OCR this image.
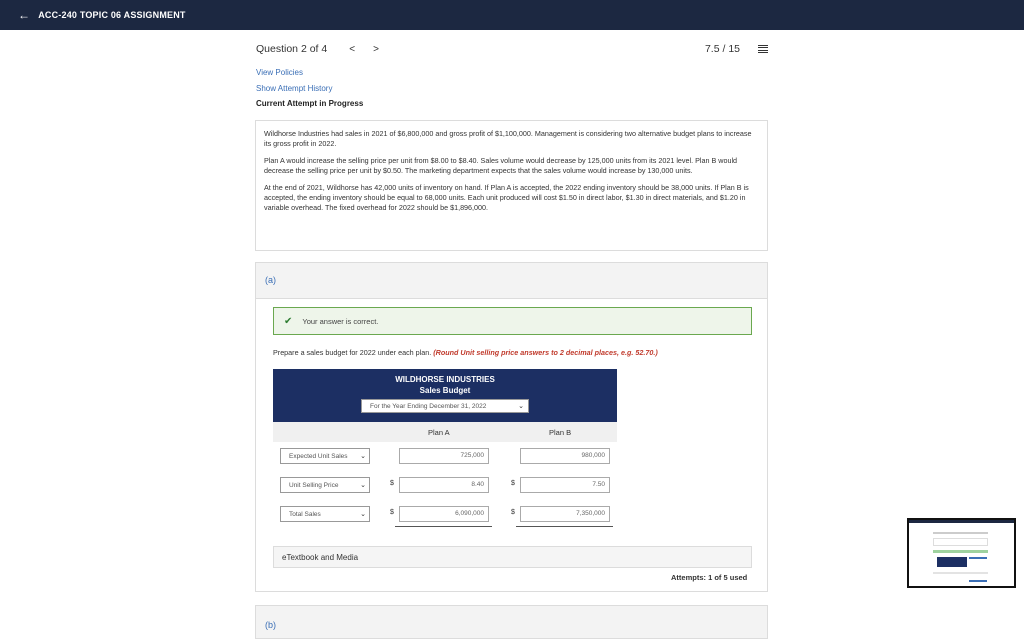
← ACC-240 TOPIC 06 ASSIGNMENT
Question 2 of 4 < >	7.5 / 15
View Policies
Show Attempt History
Current Attempt in Progress

Wildhorse Industries had sales in 2021 of $6,800,000 and gross profit of $1,100,000. Management is considering two alternative budget plans to increase its gross profit in 2022.

Plan A would increase the selling price per unit from $8.00 to $8.40. Sales volume would decrease by 125,000 units from its 2021 level. Plan B would decrease the selling price per unit by $0.50. The marketing department expects that the sales volume would increase by 130,000 units.

At the end of 2021, Wildhorse has 42,000 units of inventory on hand. If Plan A is accepted, the 2022 ending inventory should be 38,000 units. If Plan B is accepted, the ending inventory should be equal to 68,000 units. Each unit produced will cost $1.50 in direct labor, $1.30 in direct materials, and $1.20 in variable overhead. The fixed overhead for 2022 should be $1,896,000.

(a)
✔ Your answer is correct.
Prepare a sales budget for 2022 under each plan. (Round Unit selling price answers to 2 decimal places, e.g. 52.70.)
WILDHORSE INDUSTRIES
Sales Budget
For the Year Ending December 31, 2022	⌄
Plan A	Plan B
Expected Unit Sales ⌄	725,000	980,000
Unit Selling Price	⌄	$	8.40	$	7.50
Total Sales	⌄	$	6,090,000	$	7,350,000
eTextbook and Media
Attempts: 1 of 5 used
(b)
